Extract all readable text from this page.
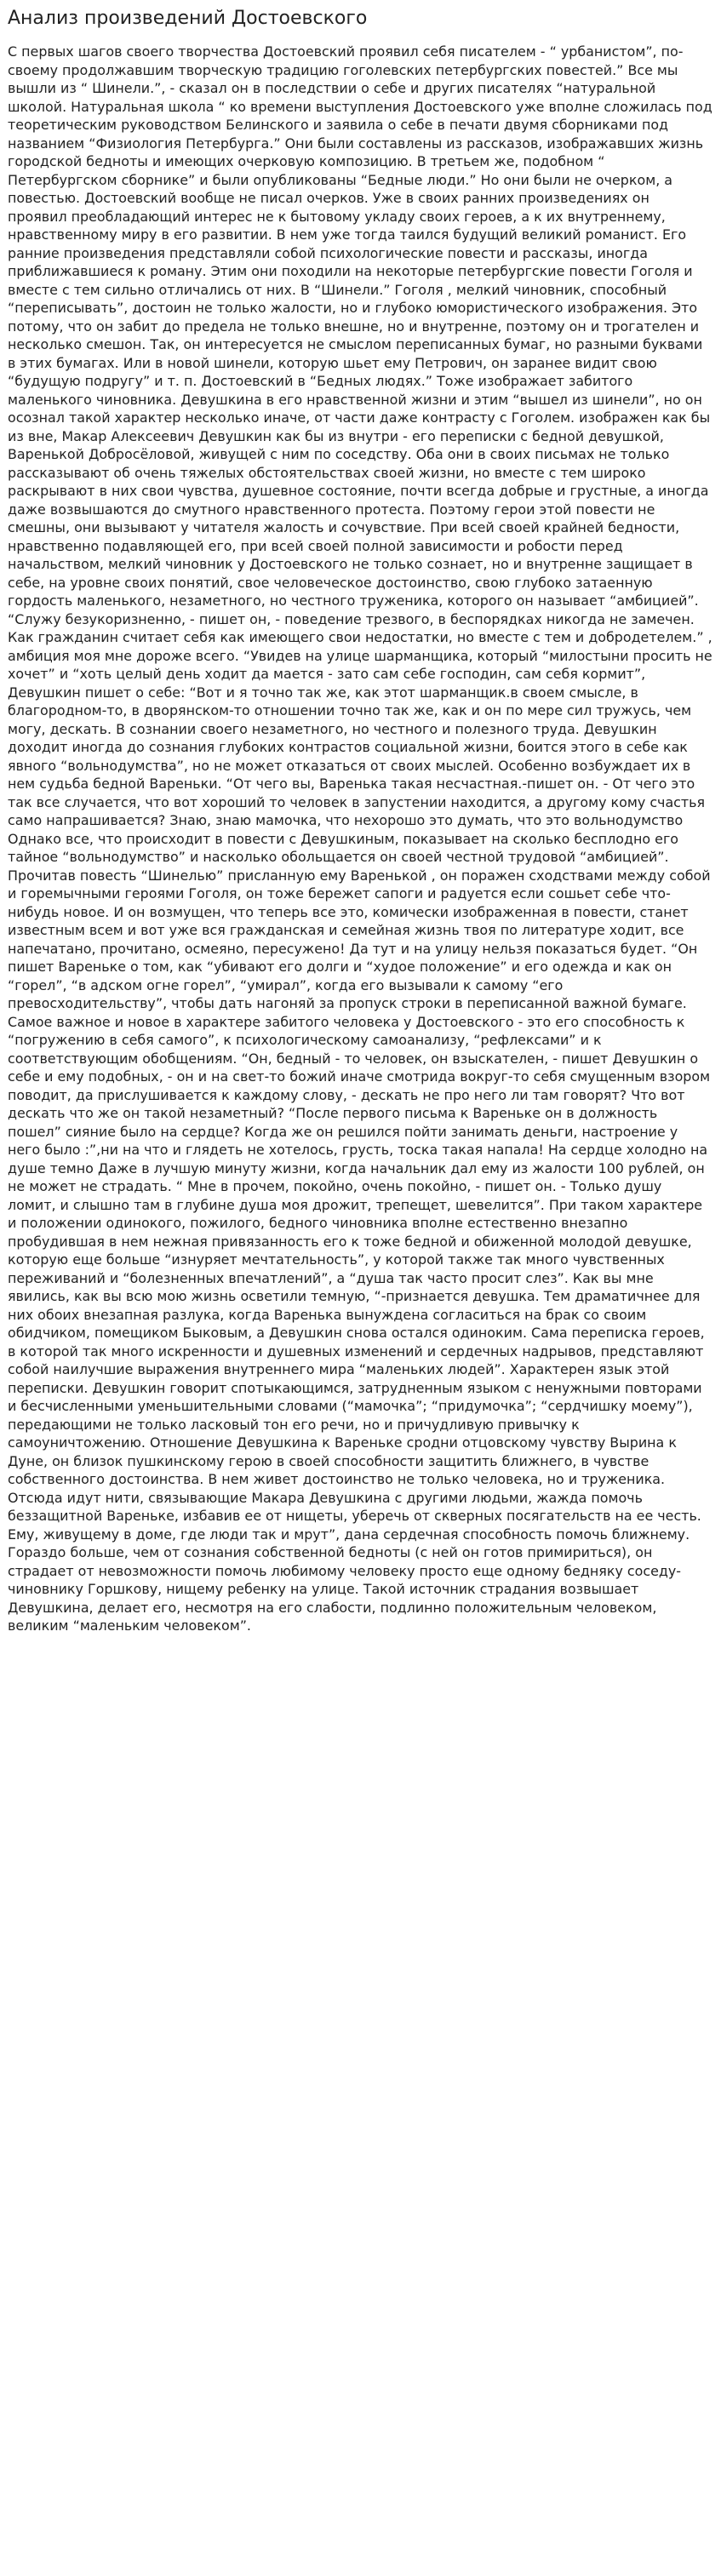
Анализ произведений Достоевского

С первых шагов своего творчества Достоевский проявил себя писателем - “ урбанистом”, по-своему продолжавшим творческую традицию гоголевских петербургских повестей.” Все мы вышли из “ Шинели.”, - сказал он в последствии о себе и других писателях “натуральной школой. Натуральная школа “ ко времени выступления Достоевского уже вполне сложилась под теоретическим руководством Белинского и заявила о себе в печати двумя сборниками под названием “Физиология Петербурга.” Они были составлены из рассказов, изображавших жизнь городской бедноты и имеющих очерковую композицию. В третьем же, подобном “ Петербургском сборнике” и были опубликованы “Бедные люди.” Но они были не очерком, а повестью. Достоевский вообще не писал очерков. Уже в своих ранних произведениях он проявил преобладающий интерес не к бытовому укладу своих героев, а к их внутреннему, нравственному миру в его развитии. В нем уже тогда таился будущий великий романист. Его ранние произведения представляли собой психологические повести и рассказы, иногда приближавшиеся к роману. Этим они походили на некоторые петербургские повести Гоголя и вместе с тем сильно отличались от них. В “Шинели.” Гоголя , мелкий чиновник, способный “переписывать”, достоин не только жалости, но и глубоко юмористического изображения. Это потому, что он забит до предела не только внешне, но и внутренне, поэтому он и трогателен и несколько смешон. Так, он интересуется не смыслом переписанных бумаг, но разными буквами в этих бумагах. Или в новой шинели, которую шьет ему Петрович, он заранее видит свою “будущую подругу” и т. п. Достоевский в “Бедных людях.” Тоже изображает забитого маленького чиновника. Девушкина в его нравственной жизни и этим “вышел из шинели”, но он осознал такой характер несколько иначе, от части даже контрасту с Гоголем. изображен как бы из вне, Макар Алексеевич Девушкин как бы из внутри - его переписки с бедной девушкой, Варенькой Добросёловой, живущей с ним по соседству. Оба они в своих письмах не только рассказывают об очень тяжелых обстоятельствах своей жизни, но вместе с тем широко раскрывают в них свои чувства, душевное состояние, почти всегда добрые и грустные, а иногда даже возвышаются до смутного нравственного протеста. Поэтому герои этой повести не смешны, они вызывают у читателя жалость и сочувствие. При всей своей крайней бедности, нравственно подавляющей его, при всей своей полной зависимости и робости перед начальством, мелкий чиновник у Достоевского не только сознает, но и внутренне защищает в себе, на уровне своих понятий, свое человеческое достоинство, свою глубоко затаенную гордость маленького, незаметного, но честного труженика, которого он называет “амбицией”. “Служу безукоризненно, - пишет он, - поведение трезвого, в беспорядках никогда не замечен. Как гражданин считает себя как имеющего свои недостатки, но вместе с тем и добродетелем.” , амбиция моя мне дороже всего. “Увидев на улице шарманщика, который “милостыни просить не хочет” и “хоть целый день ходит да мается - зато сам себе господин, сам себя кормит”, Девушкин пишет о себе: “Вот и я точно так же, как этот шарманщик.в своем смысле, в благородном-то, в дворянском-то отношении точно так же, как и он по мере сил тружусь, чем могу, дескать. В сознании своего незаметного, но честного и полезного труда. Девушкин доходит иногда до сознания глубоких контрастов социальной жизни, боится этого в себе как явного “вольнодумства”, но не может отказаться от своих мыслей. Особенно возбуждает их в нем судьба бедной Вареньки. “От чего вы, Варенька такая несчастная.-пишет он. - От чего это так все случается, что вот хороший то человек в запустении находится, а другому кому счастья само напрашивается? Знаю, знаю мамочка, что нехорошо это думать, что это вольнодумство Однако все, что происходит в повести с Девушкиным, показывает на сколько бесплодно его тайное “вольнодумство” и насколько обольщается он своей честной трудовой “амбицией”. Прочитав повесть “Шинелью” присланную ему Варенькой , он поражен сходствами между собой и горемычными героями Гоголя, он тоже бережет сапоги и радуется если сошьет себе что-нибудь новое. И он возмущен, что теперь все это, комически изображенная в повести, станет известным всем и вот уже вся гражданская и семейная жизнь твоя по литературе ходит, все напечатано, прочитано, осмеяно, пересужено! Да тут и на улицу нельзя показаться будет. “Он пишет Вареньке о том, как “убивают его долги и “худое положение” и его одежда и как он “горел”, “в адском огне горел”, “умирал”, когда его вызывали к самому “его превосходительству”, чтобы дать нагоняй за пропуск строки в переписанной важной бумаге. Самое важное и новое в характере забитого человека у Достоевского - это его способность к “погружению в себя самого”, к психологическому самоанализу, “рефлексами” и к соответствующим обобщениям. “Он, бедный - то человек, он взыскателен, - пишет Девушкин о себе и ему подобных, - он и на свет-то божий иначе смотрида вокруг-то себя смущенным взором поводит, да прислушивается к каждому слову, - дескать не про него ли там говорят? Что вот дескать что же он такой незаметный? “После первого письма к Вареньке он в должность пошел” сияние было на сердце? Когда же он решился пойти занимать деньги, настроение у него было :”,ни на что и глядеть не хотелось, грусть, тоска такая напала! На сердце холодно на душе темно Даже в лучшую минуту жизни, когда начальник дал ему из жалости 100 рублей, он не может не страдать. “ Мне в прочем, покойно, очень покойно, - пишет он. - Только душу ломит, и слышно там в глубине душа моя дрожит, трепещет, шевелится”. При таком характере и положении одинокого, пожилого, бедного чиновника вполне естественно внезапно пробудившая в нем нежная привязанность его к тоже бедной и обиженной молодой девушке, которую еще больше “изнуряет мечтательность”, у которой также так много чувственных переживаний и “болезненных впечатлений”, а “душа так часто просит слез”. Как вы мне явились, как вы всю мою жизнь осветили темную, “-признается девушка. Тем драматичнее для них обоих внезапная разлука, когда Варенька вынуждена согласиться на брак со своим обидчиком, помещиком Быковым, а Девушкин снова остался одиноким. Сама переписка героев, в которой так много искренности и душевных изменений и сердечных надрывов, представляют собой наилучшие выражения внутреннего мира “маленьких людей”. Характерен язык этой переписки. Девушкин говорит спотыкающимся, затрудненным языком с ненужными повторами и бесчисленными уменьшительными словами (“мамочка”; “придумочка”; “сердчишку моему”), передающими не только ласковый тон его речи, но и причудливую привычку к самоуничтожению. Отношение Девушкина к Вареньке сродни отцовскому чувству Вырина к Дуне, он близок пушкинскому герою в своей способности защитить ближнего, в чувстве собственного достоинства. В нем живет достоинство не только человека, но и труженика. Отсюда идут нити, связывающие Макара Девушкина с другими людьми, жажда помочь беззащитной Вареньке, избавив ее от нищеты, уберечь от скверных посягательств на ее честь. Ему, живущему в доме, где люди так и мрут”, дана сердечная способность помочь ближнему. Гораздо больше, чем от сознания собственной бедноты (с ней он готов примириться), он страдает от невозможности помочь любимому человеку просто еще одному бедняку соседу-чиновнику Горшкову, нищему ребенку на улице. Такой источник страдания возвышает Девушкина, делает его, несмотря на его слабости, подлинно положительным человеком, великим “маленьким человеком”.
